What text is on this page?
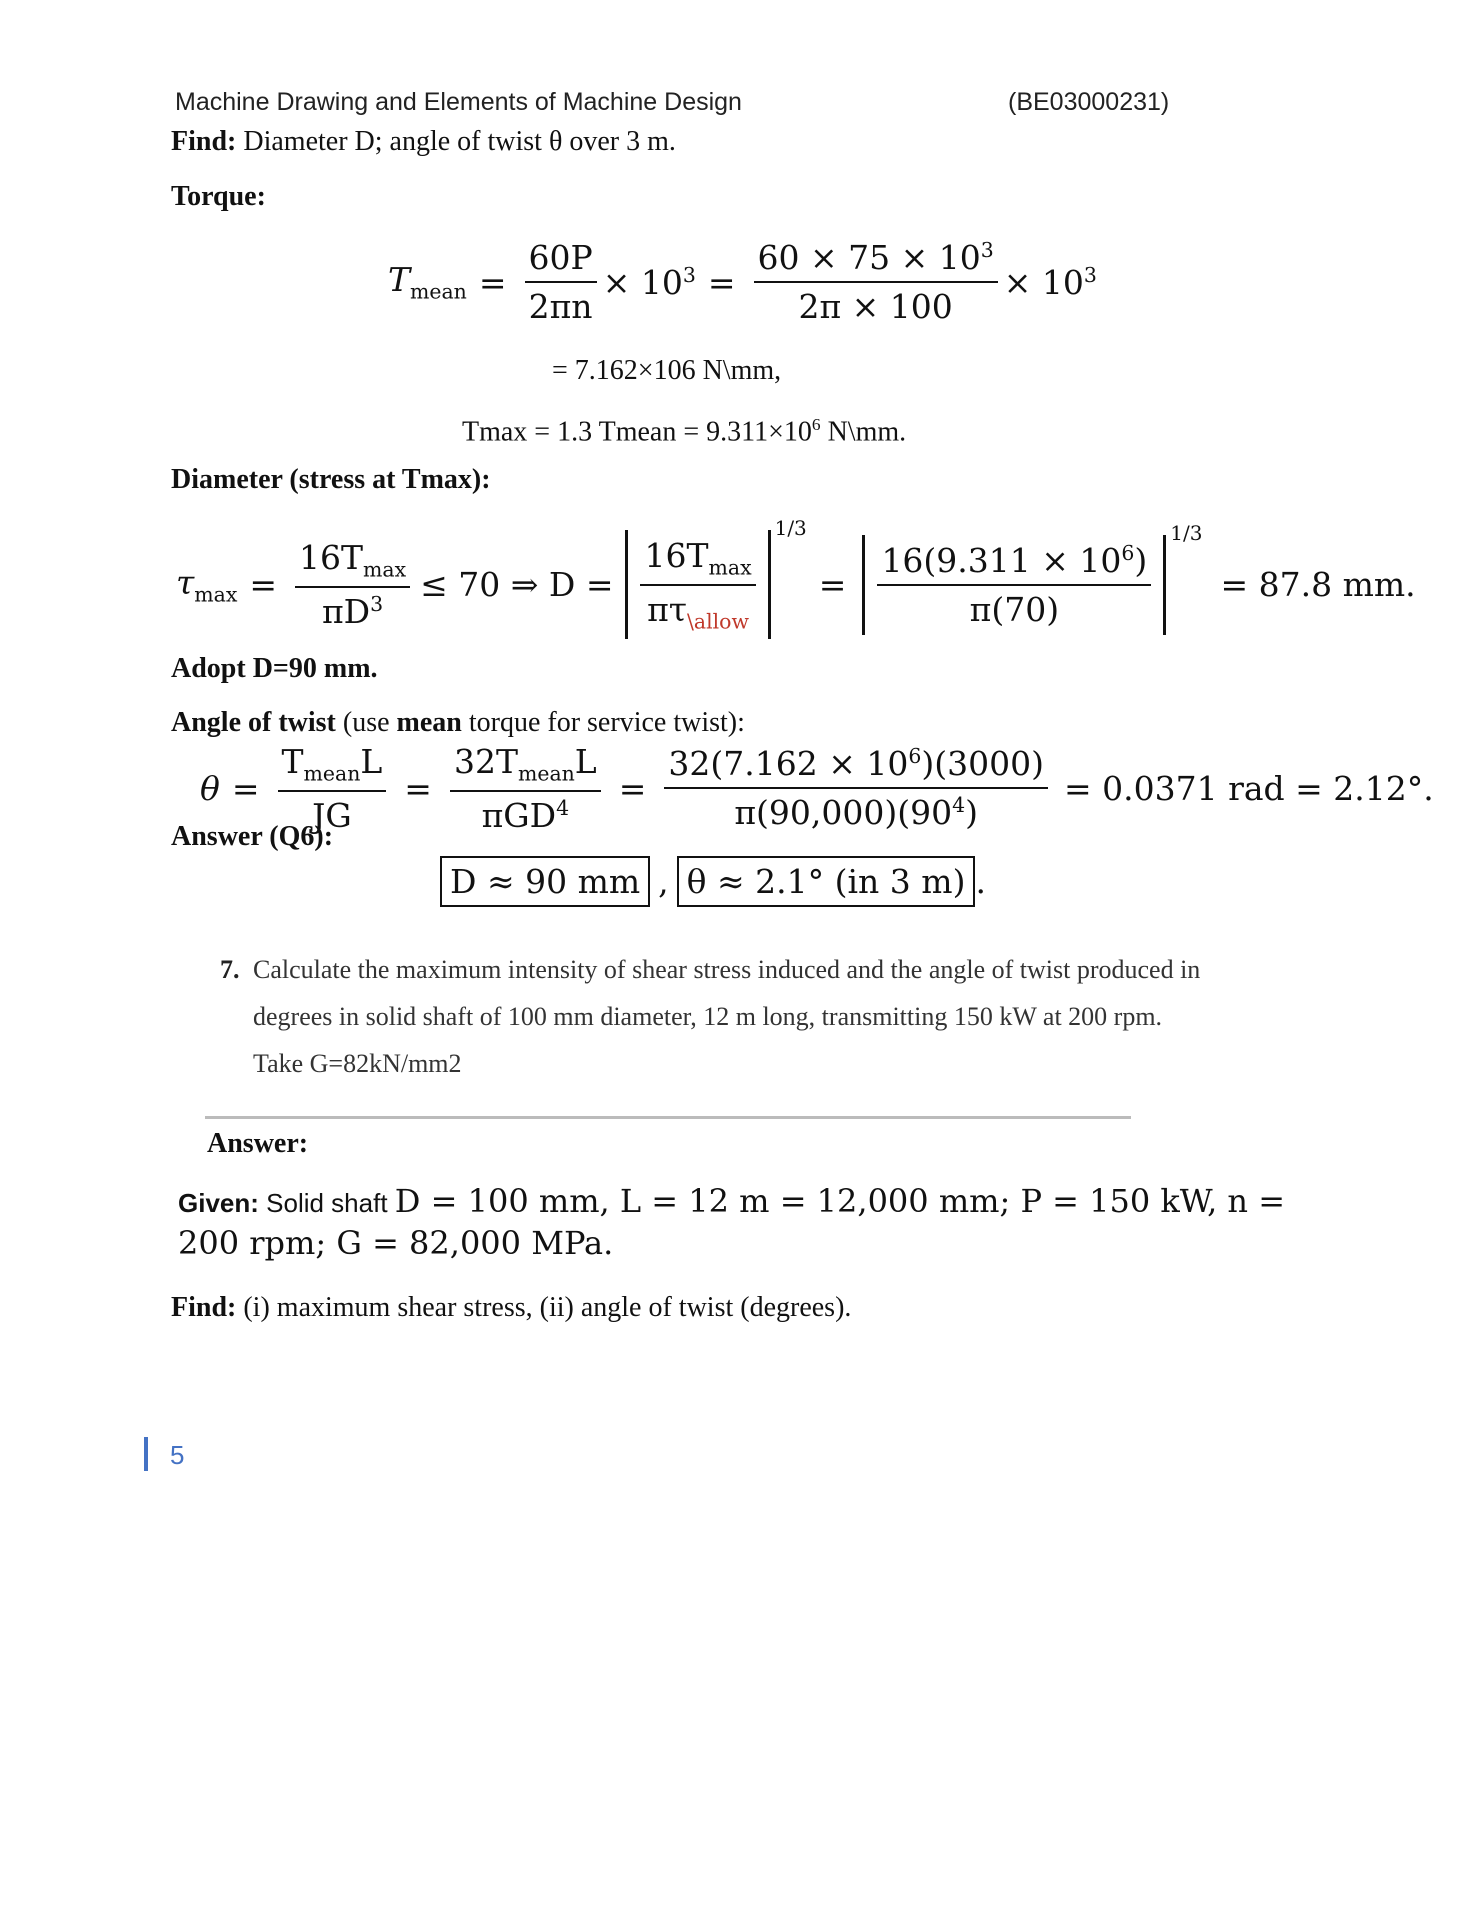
Machine Drawing and Elements of Machine Design	(BE03000231)
Find: Diameter D; angle of twist θ over 3 m.
Torque:
$T_{mean} = \frac{60P}{2\pi n} \times 10^3 = \frac{60 \times 75 \times 10^3}{2\pi \times 100} \times 10^3$
= 7.162×106 N\mm,
Tmax = 1.3 Tmean = $9.311\times 10^6$ N\mm.
Diameter (stress at Tmax):
$\tau_{max} = \frac{16T_{max}}{\pi D^3} \le 70$ ⇒ $D = \frac{16T_{max}}{\pi\tau_{\backslash allow}}$
1/3
= $\frac{16(9.311 \times 10^6)}{\pi(70)}$
1/3
= 87.8 mm.
Adopt D=90 mm.
Angle of twist (use mean torque for service twist):
$\theta = \frac{T_{mean}L}{JG} = \frac{32T_{mean}L}{\pi GD^4} = \frac{32(7.162 \times 10^6)(3000)}{\pi(90,000)(90^4)} = 0.0371$ rad = 2.12°.
Answer (Q6):
D ≈ 90 mm , θ ≈ 2.1° (in 3 m) .
7. Calculate the maximum intensity of shear stress induced and the angle of twist produced in
degrees in solid shaft of 100 mm diameter, 12 m long, transmitting 150 kW at 200 rpm.
Take G=82kN/mm2
Answer:
Given: Solid shaft D = 100 mm, L = 12 m = 12,000 mm; P = 150 kW, n =
200 rpm; G = 82,000 MPa.
Find: (i) maximum shear stress, (ii) angle of twist (degrees).
5
